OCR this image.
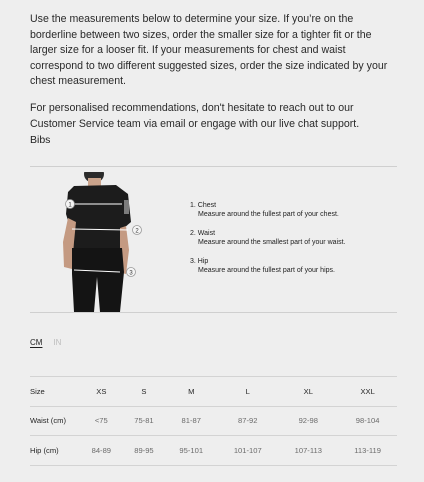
Use the measurements below to determine your size. If you’re on the borderline between two sizes, order the smaller size for a tighter fit or the larger size for a looser fit. If your measurements for chest and waist correspond to two different suggested sizes, order the size indicated by your chest measurement.

For personalised recommendations, don't hesitate to reach out to our Customer Service team via email or engage with our live chat support.

Bibs
1
2
3
1. Chest
Measure around the fullest part of your chest.
2. Waist
Measure around the smallest part of your waist.
3. Hip
Measure around the fullest part of your hips.
CM IN
Size	XS	S	M	L	XL	XXL
Waist (cm)	<75	75-81	81-87	87-92	92-98	98-104
Hip (cm)	84-89	89-95	95-101	101-107	107-113	113-119
